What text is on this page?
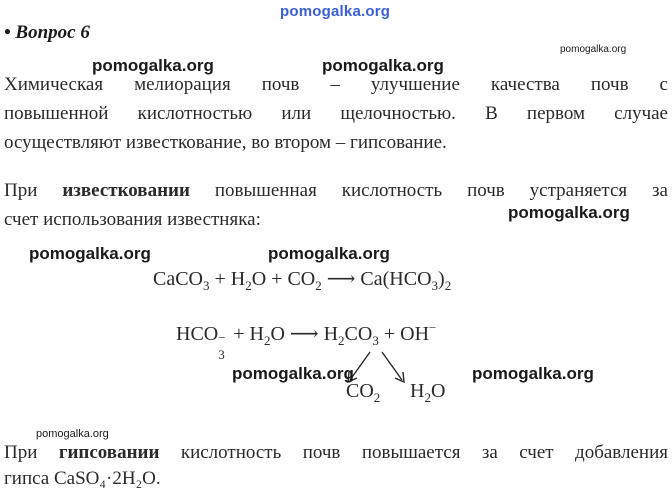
pomogalka.org
• Вопрос 6
pomogalka.org
pomogalka.org	pomogalka.org
Химическая мелиорация почв – улучшение качества почв с
повышенной кислотностью или щелочностью. В первом случае
осуществляют известкование, во втором – гипсование.
При известковании повышенная кислотность почв устраняется за
счет использования известняка:	pomogalka.org
pomogalka.org	pomogalka.org
CaCO$_3$ + $H_2O + CO_2$ ⟶ $Ca(HCO_3)_2$
HCO −
3
+ $H_2O$ ⟶ $H_2CO_3 + OH^-$
pomogalka.org	pomogalka.org
$CO_2$ $H_2O$
pomogalka.org
При гипсовании кислотность почв повышается за счет добавления
гипса CaSO₄·2H₂O.
